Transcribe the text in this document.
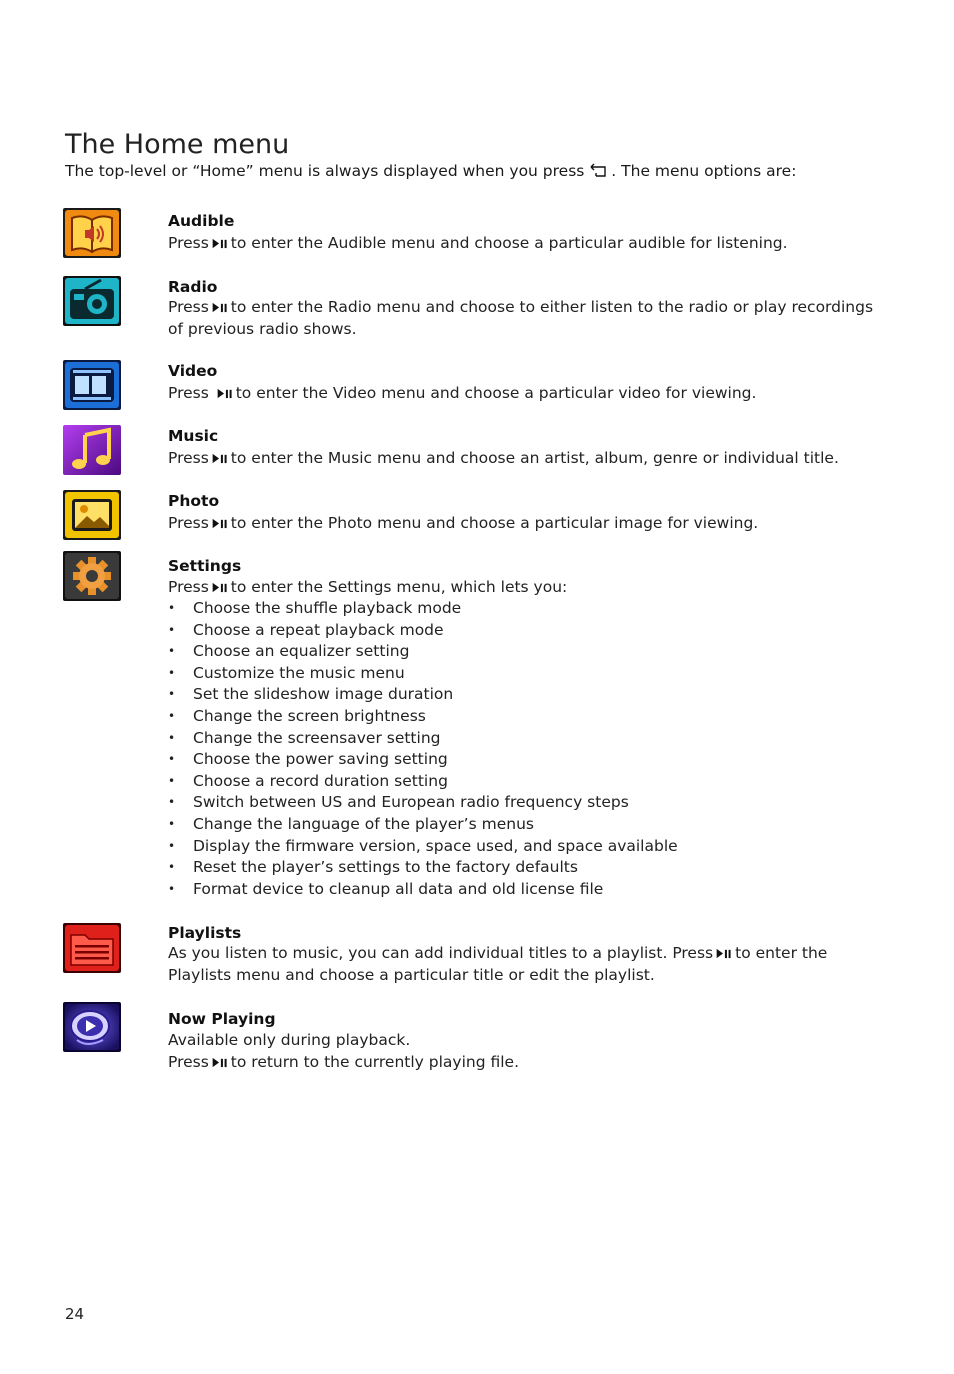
The Home menu

The top-level or “Home” menu is always displayed when you press . The menu options are:

Audible

Press to enter the Audible menu and choose a particular audible for listening.

Radio

Press to enter the Radio menu and choose to either listen to the radio or play recordings of previous radio shows.

Video

Press to enter the Video menu and choose a particular video for viewing.

Music

Press to enter the Music menu and choose an artist, album, genre or individual title.

Photo

Press to enter the Photo menu and choose a particular image for viewing.

Settings

Press to enter the Settings menu, which lets you:

• Choose the shuffle playback mode
• Choose a repeat playback mode
• Choose an equalizer setting
• Customize the music menu
• Set the slideshow image duration
• Change the screen brightness
• Change the screensaver setting
• Choose the power saving setting
• Choose a record duration setting
• Switch between US and European radio frequency steps
• Change the language of the player’s menus
• Display the firmware version, space used, and space available
• Reset the player’s settings to the factory defaults
• Format device to cleanup all data and old license file
Playlists

As you listen to music, you can add individual titles to a playlist. Press to enter the Playlists menu and choose a particular title or edit the playlist.

Now Playing

Available only during playback.

Press to return to the currently playing file.

24
